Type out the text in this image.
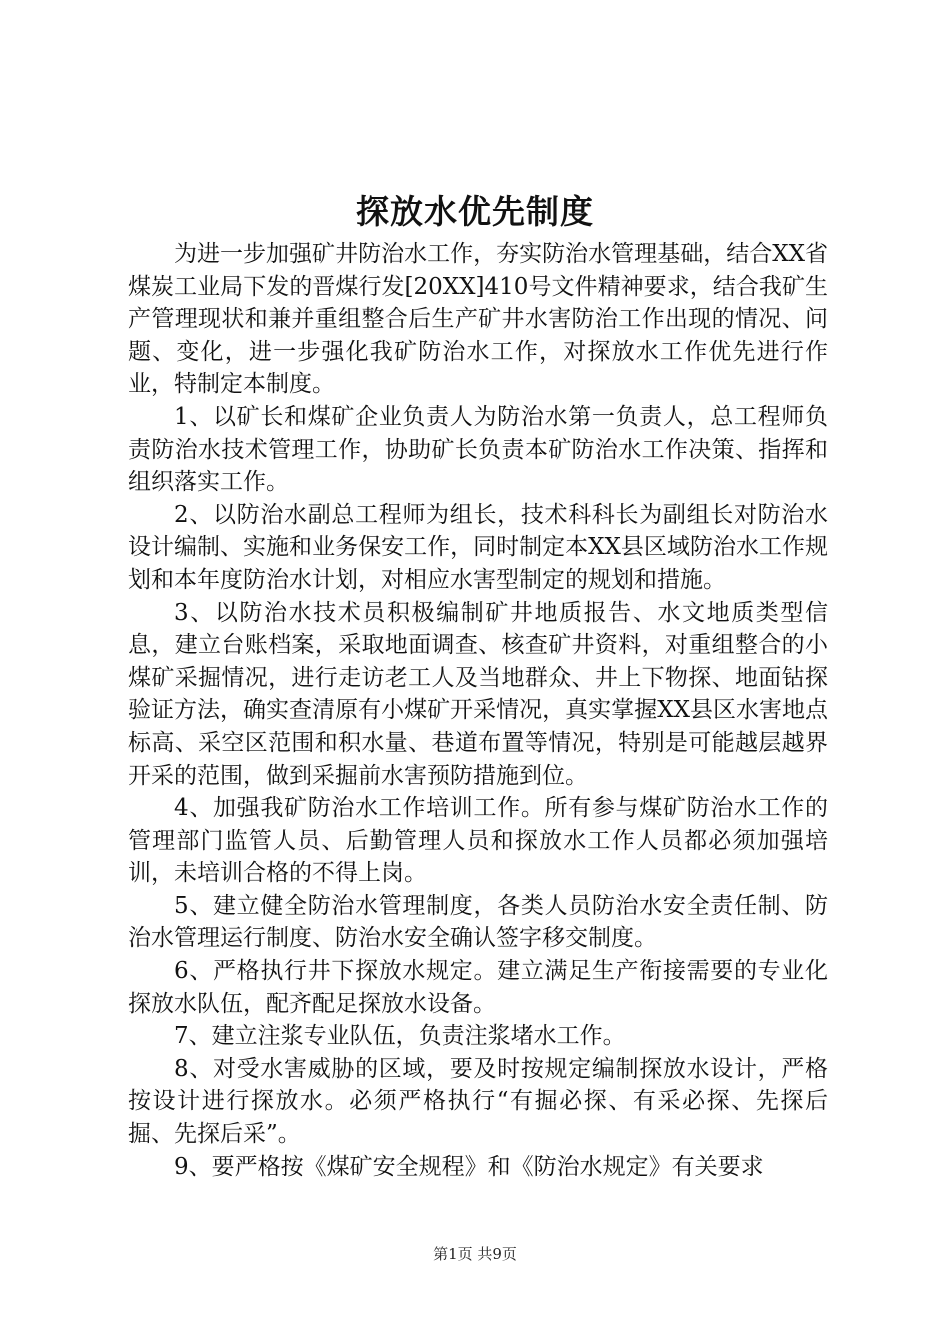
探放水优先制度

为进一步加强矿井防治水工作，夯实防治水管理基础，结合XX省煤炭工业局下发的晋煤行发[20XX]410号文件精神要求，结合我矿生产管理现状和兼并重组整合后生产矿井水害防治工作出现的情况、问题、变化，进一步强化我矿防治水工作，对探放水工作优先进行作业，特制定本制度。

1、以矿长和煤矿企业负责人为防治水第一负责人，总工程师负责防治水技术管理工作，协助矿长负责本矿防治水工作决策、指挥和组织落实工作。

2、以防治水副总工程师为组长，技术科科长为副组长对防治水设计编制、实施和业务保安工作，同时制定本XX县区域防治水工作规划和本年度防治水计划，对相应水害型制定的规划和措施。

3、以防治水技术员积极编制矿井地质报告、水文地质类型信息，建立台账档案，采取地面调查、核查矿井资料，对重组整合的小煤矿采掘情况，进行走访老工人及当地群众、井上下物探、地面钻探验证方法，确实查清原有小煤矿开采情况，真实掌握XX县区水害地点标高、采空区范围和积水量、巷道布置等情况，特别是可能越层越界开采的范围，做到采掘前水害预防措施到位。

4、加强我矿防治水工作培训工作。所有参与煤矿防治水工作的管理部门监管人员、后勤管理人员和探放水工作人员都必须加强培训，未培训合格的不得上岗。

5、建立健全防治水管理制度，各类人员防治水安全责任制、防治水管理运行制度、防治水安全确认签字移交制度。

6、严格执行井下探放水规定。建立满足生产衔接需要的专业化探放水队伍，配齐配足探放水设备。

7、建立注浆专业队伍，负责注浆堵水工作。

8、对受水害威胁的区域，要及时按规定编制探放水设计，严格按设计进行探放水。必须严格执行“有掘必探、有采必探、先探后掘、先探后采”。

9、要严格按《煤矿安全规程》和《防治水规定》有关要求

第1页 共9页
